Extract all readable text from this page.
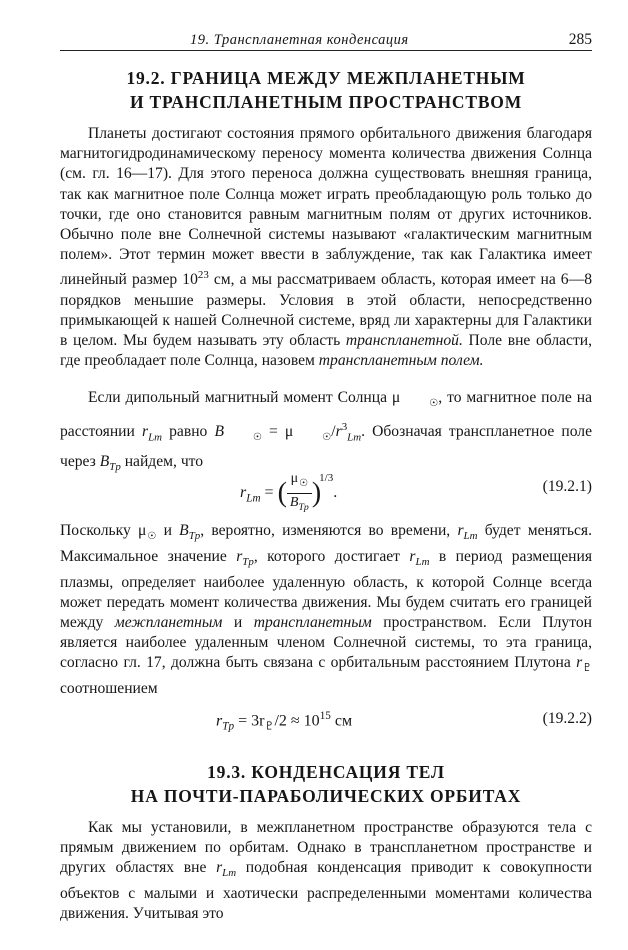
19. Транспланетная конденсация	285
19.2. ГРАНИЦА МЕЖДУ МЕЖПЛАНЕТНЫМ
И ТРАНСПЛАНЕТНЫМ ПРОСТРАНСТВОМ

Планеты достигают состояния прямого орбитального движения благодаря магнитогидродинамическому переносу момента количества движения Солнца (см. гл. 16—17). Для этого переноса должна существовать внешняя граница, так как магнитное поле Солнца может играть преобладающую роль только до точки, где оно становится равным магнитным полям от других источников. Обычно поле вне Солнечной системы называют «галактическим магнитным полем». Этот термин может ввести в заблуждение, так как Галактика имеет линейный размер $10^{23}$ см, а мы рассматриваем область, которая имеет на 6—8 порядков меньшие размеры. Условия в этой области, непосредственно примыкающей к нашей Солнечной системе, вряд ли характерны для Галактики в целом. Мы будем называть эту область транспланетной. Поле вне области, где преобладает поле Солнца, назовем транспланетным полем.

Если дипольный магнитный момент Солнца μ	☉, то магнитное поле на расстоянии $r_{Lm}$ равно B	☉ = μ	$☉/r^3_{Lm}$. Обозначая транспланетное поле через $B_{Tp}$ найдем, что

$r_{Lm}$ = ( $\frac{\mu☉}{B_{Tp}} )^{1/3}$.	(19.2.1)

Поскольку μ☉ и $B_{Tp}$, вероятно, изменяются во времени, $r_{Lm}$ будет меняться. Максимальное значение $r_{Tp}$, которого достигает $r_{Lm}$ в период размещения плазмы, определяет наиболее удаленную область, к которой Солнце всегда может передать момент количества движения. Мы будем считать его границей между межпланетным и транспланетным пространством. Если Плутон является наиболее удаленным членом Солнечной системы, то эта граница, согласно гл. 17, должна быть связана с орбитальным расстоянием Плутона $r_♇$ соотношением

$r_{Tp} = 3r_♇/2 \approx 10^{15}$ см	(19.2.2)
19.3. КОНДЕНСАЦИЯ ТЕЛ
НА ПОЧТИ-ПАРАБОЛИЧЕСКИХ ОРБИТАХ

Как мы установили, в межпланетном пространстве образуются тела с прямым движением по орбитам. Однако в транспланетном пространстве и других областях вне $r_{Lm}$ подобная конденсация приводит к совокупности объектов с малыми и хаотически распределенными моментами количества движения. Учитывая это
